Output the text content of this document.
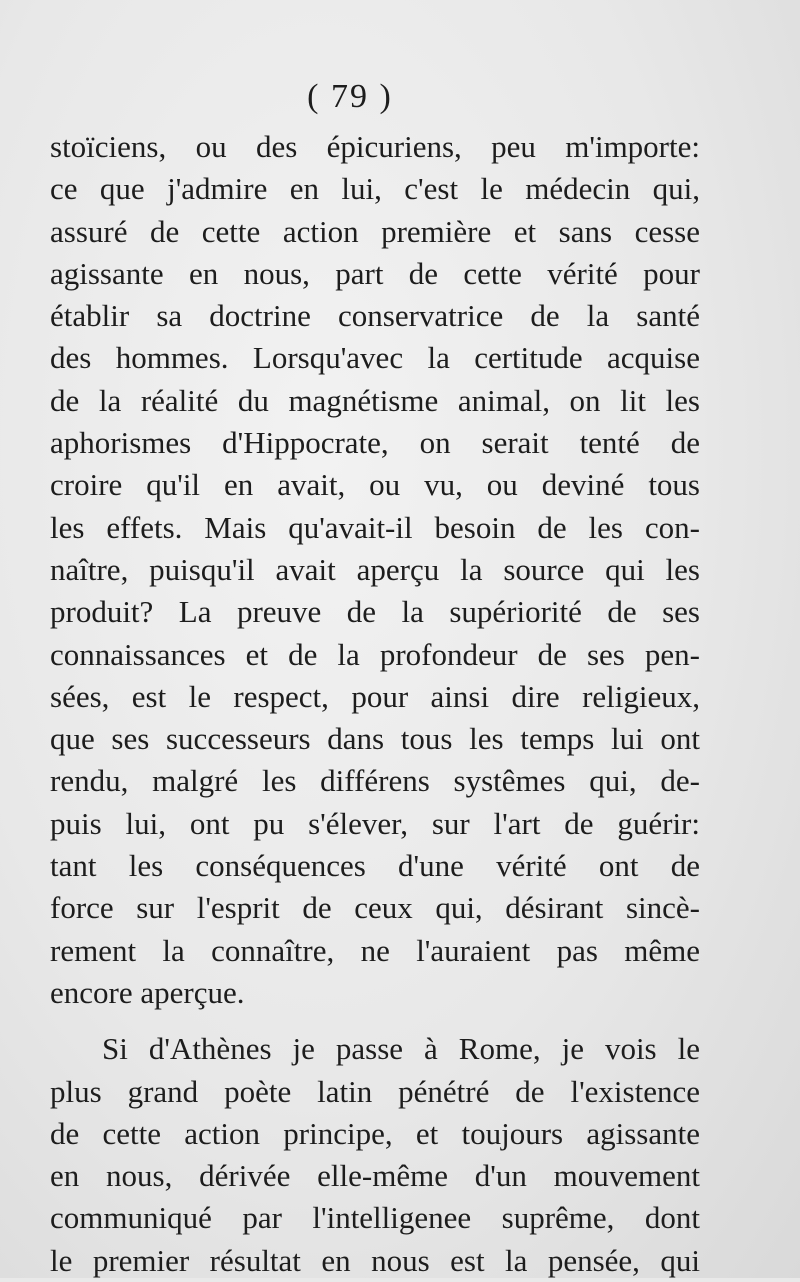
( 79 )
stoïciens, ou des épicuriens, peu m'importe:
ce que j'admire en lui, c'est le médecin qui,
assuré de cette action première et sans cesse
agissante en nous, part de cette vérité pour
établir sa doctrine conservatrice de la santé
des hommes. Lorsqu'avec la certitude acquise
de la réalité du magnétisme animal, on lit les
aphorismes d'Hippocrate, on serait tenté de
croire qu'il en avait, ou vu, ou deviné tous
les effets. Mais qu'avait-il besoin de les con-
naître, puisqu'il avait aperçu la source qui les
produit? La preuve de la supériorité de ses
connaissances et de la profondeur de ses pen-
sées, est le respect, pour ainsi dire religieux,
que ses successeurs dans tous les temps lui ont
rendu, malgré les différens systêmes qui, de-
puis lui, ont pu s'élever, sur l'art de guérir:
tant les conséquences d'une vérité ont de
force sur l'esprit de ceux qui, désirant sincè-
rement la connaître, ne l'auraient pas même
encore aperçue.
Si d'Athènes je passe à Rome, je vois le
plus grand poète latin pénétré de l'existence
de cette action principe, et toujours agissante
en nous, dérivée elle-même d'un mouvement
communiqué par l'intelligenee suprême, dont
le premier résultat en nous est la pensée, qui
